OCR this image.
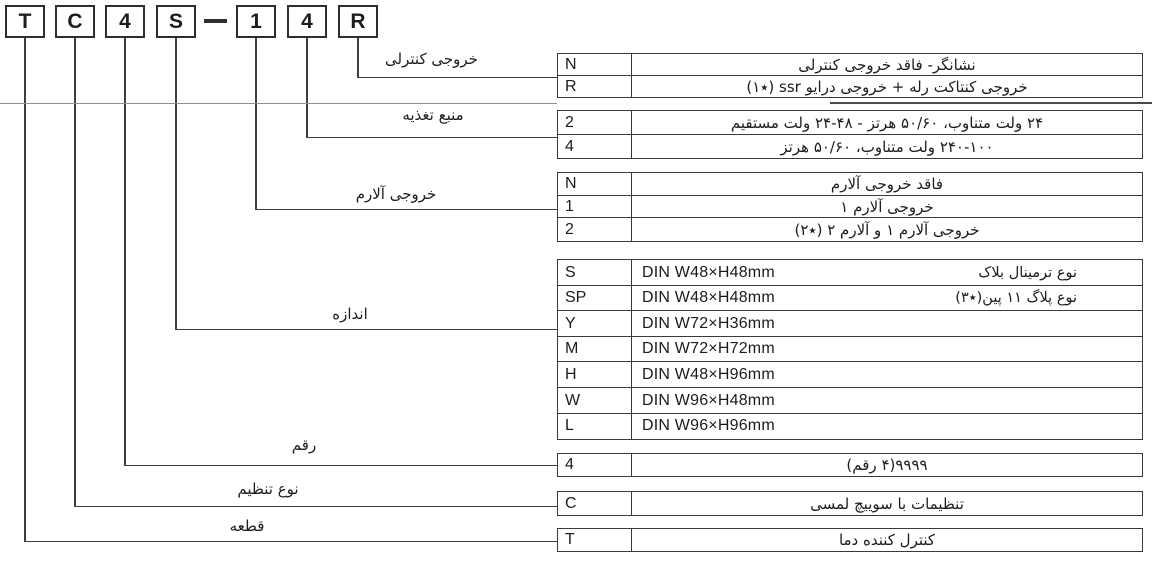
T	C	4	S	1	4	R
خروجی کنترلی
منبع تغذیه
خروجی آلارم
اندازه
رقم
نوع تنظیم
قطعه
N	نشانگر- فاقد خروجی کنترلی
R	خروجی کنتاکت رله + خروجی درایو ssr (٭۱)
2	۲۴ ولت متناوب، ۵۰/۶۰ هرتز - ۴۸-۲۴ ولت مستقیم
4	۲۴۰-۱۰۰ ولت متناوب، ۵۰/۶۰ هرتز
N	فاقد خروجی آلارم
1	خروجی آلارم ۱
2	خروجی آلارم ۱ و آلارم ۲ (٭۲)
S	DIN W48×H48mm	نوع ترمینال بلاک
SP	DIN W48×H48mm	نوع پلاگ ۱۱ پین(٭۳)
Y	DIN W72×H36mm
M	DIN W72×H72mm
H	DIN W48×H96mm
W	DIN W96×H48mm
L	DIN W96×H96mm
4	۹۹۹۹(۴ رقم)
C	تنظیمات با سوییچ لمسی
T	کنترل کننده دما
